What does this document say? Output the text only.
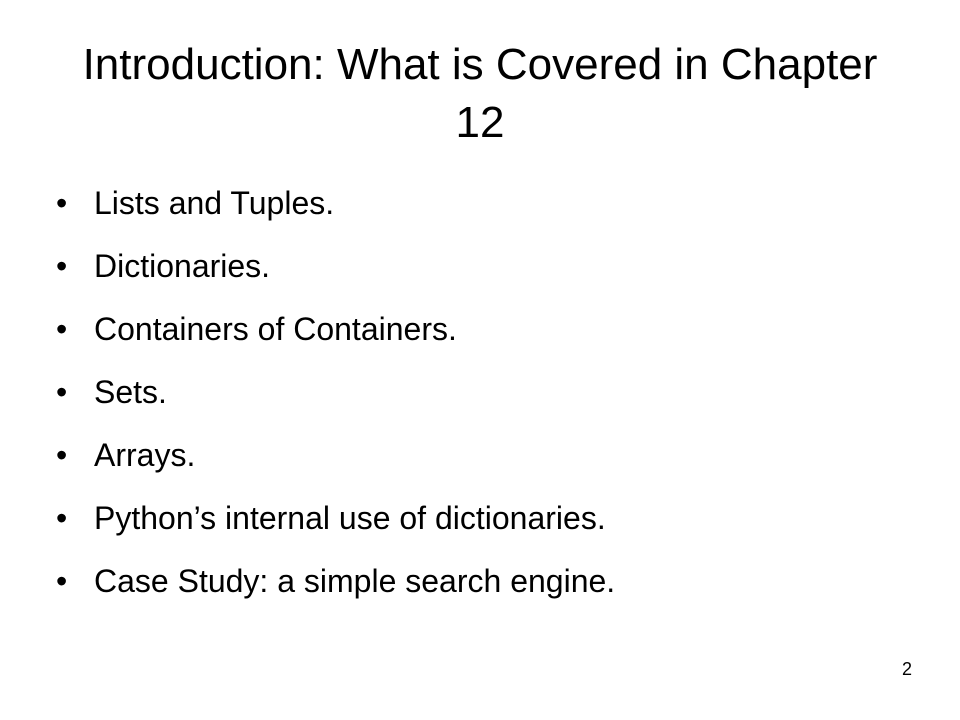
Introduction: What is Covered in Chapter 12
• Lists and Tuples.
• Dictionaries.
• Containers of Containers.
• Sets.
• Arrays.
• Python’s internal use of dictionaries.
• Case Study: a simple search engine.
2
